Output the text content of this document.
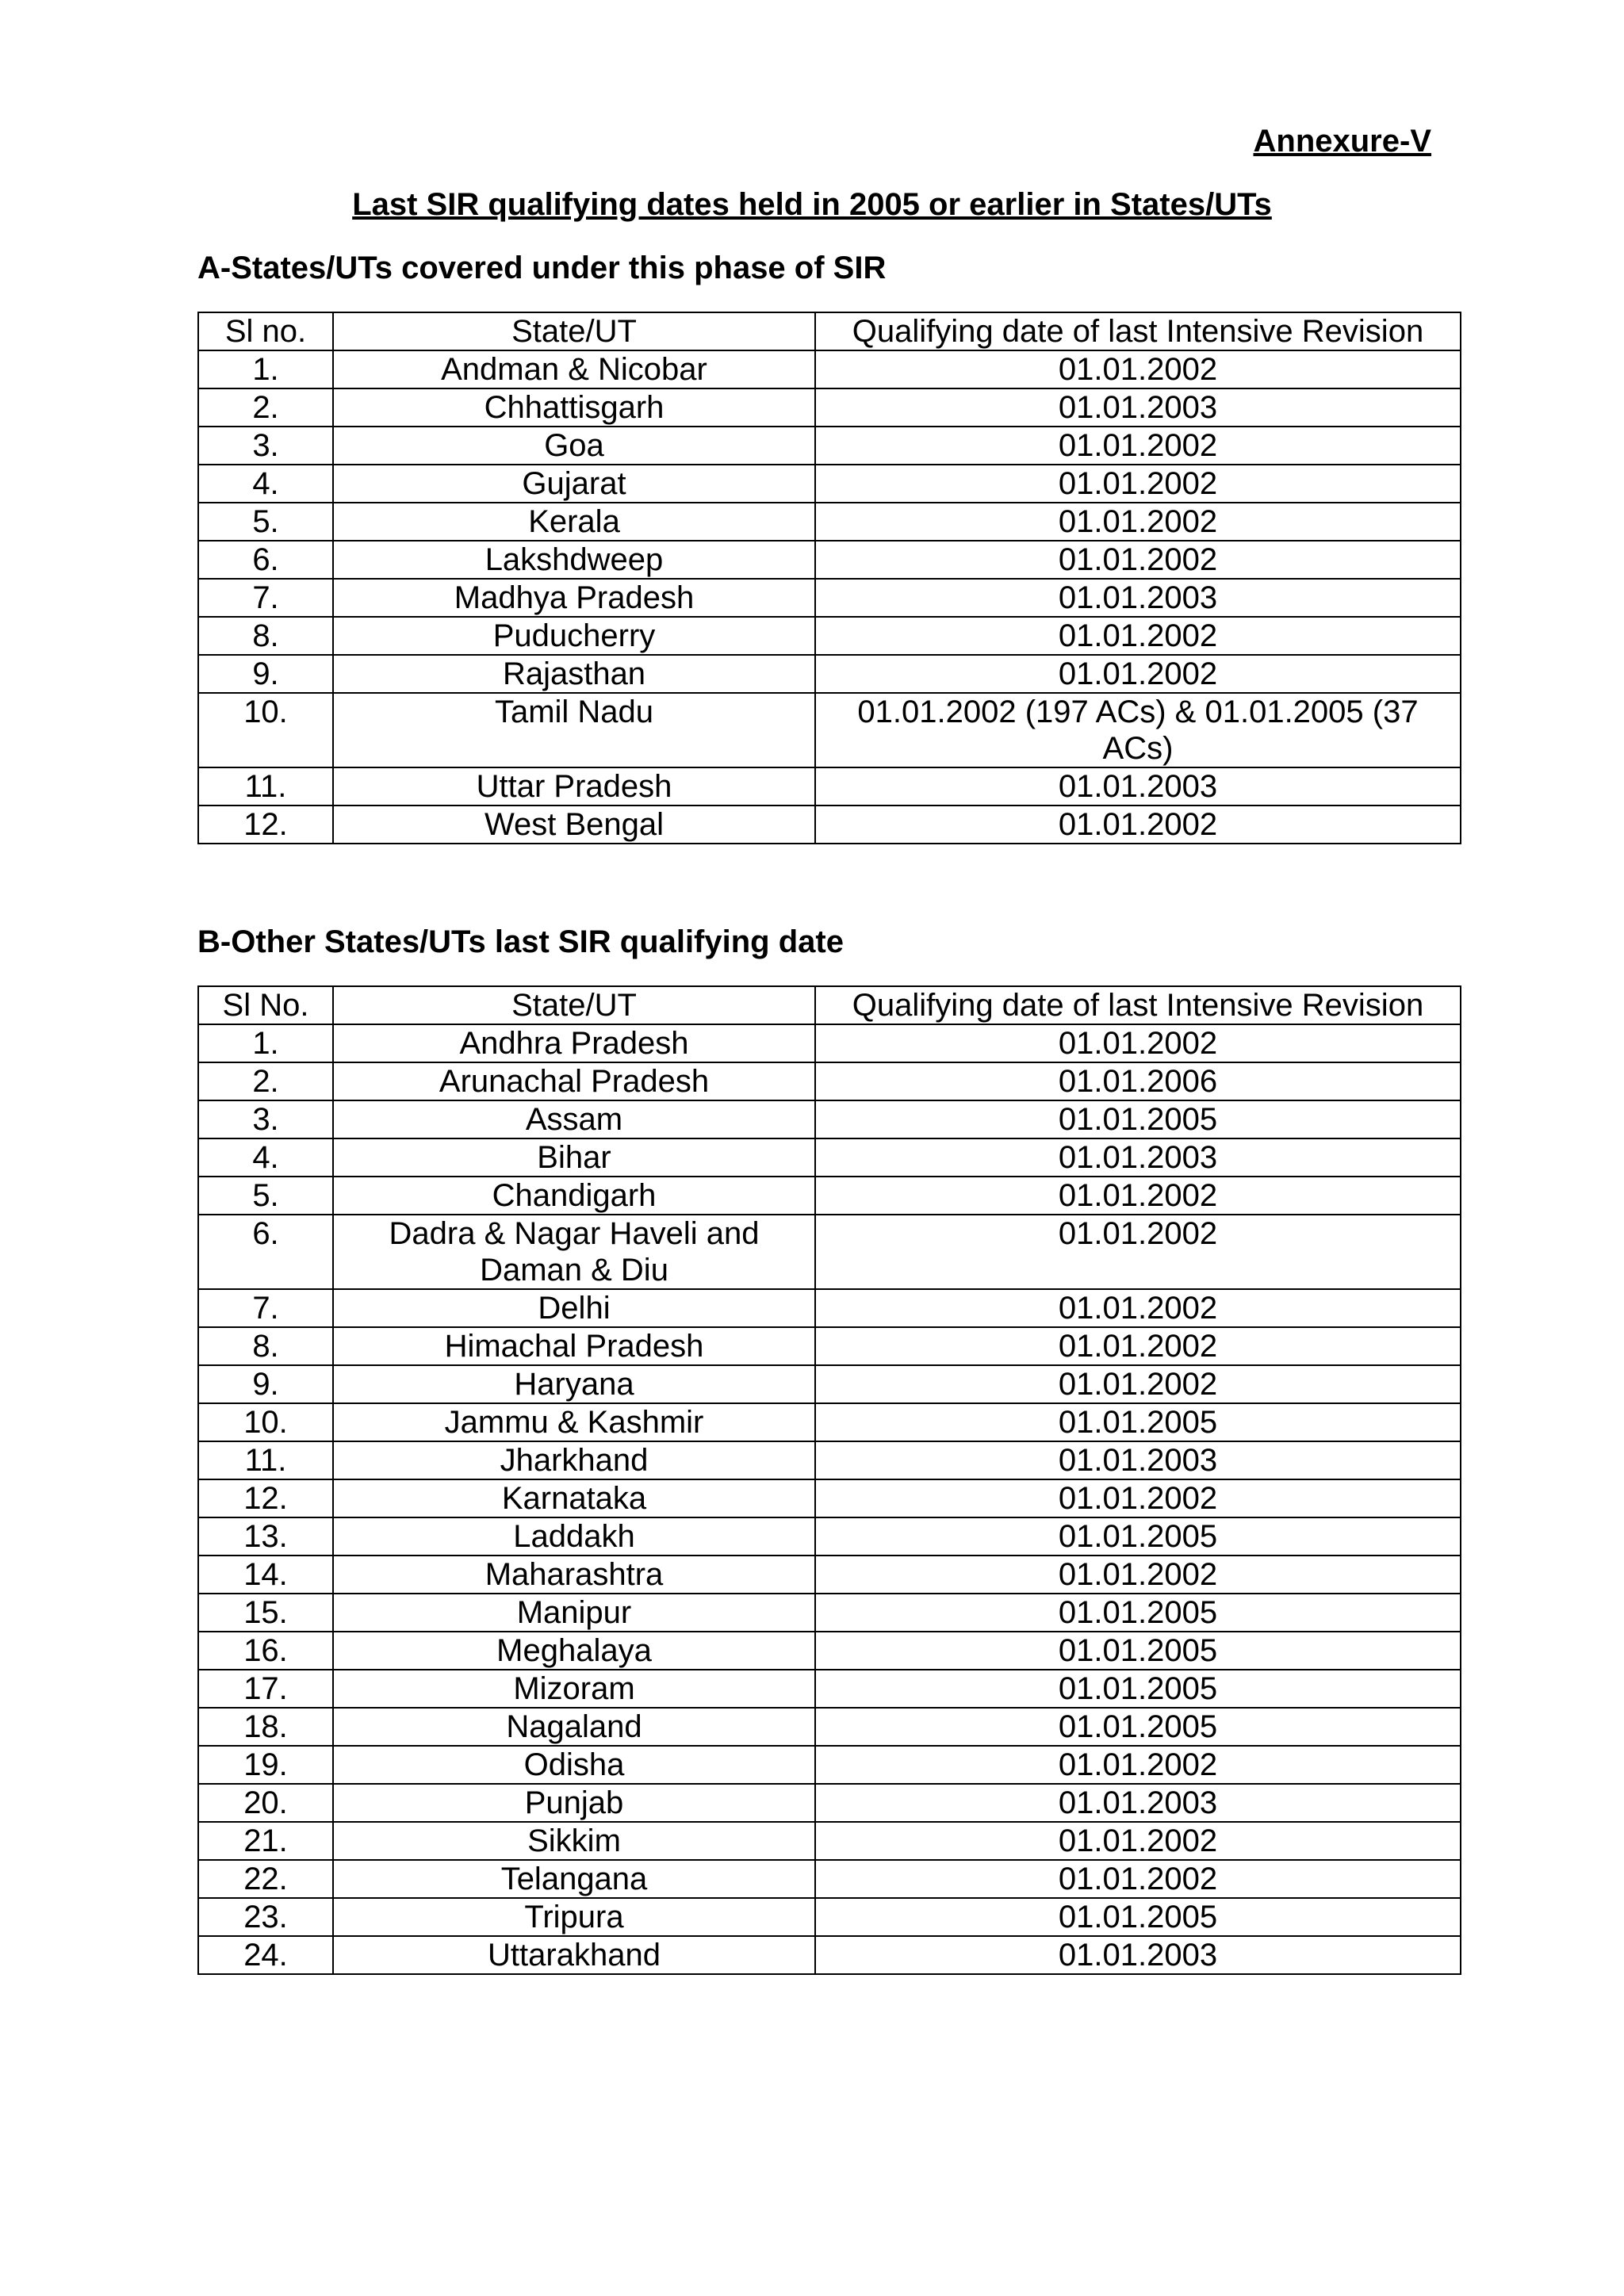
Annexure-V

Last SIR qualifying dates held in 2005 or earlier in States/UTs

A-States/UTs covered under this phase of SIR

Sl no.	State/UT	Qualifying date of last Intensive Revision
1.	Andman & Nicobar	01.01.2002
2.	Chhattisgarh	01.01.2003
3.	Goa	01.01.2002
4.	Gujarat	01.01.2002
5.	Kerala	01.01.2002
6.	Lakshdweep	01.01.2002
7.	Madhya Pradesh	01.01.2003
8.	Puducherry	01.01.2002
9.	Rajasthan	01.01.2002
10.	Tamil Nadu	01.01.2002 (197 ACs) & 01.01.2005 (37 ACs)
11.	Uttar Pradesh	01.01.2003
12.	West Bengal	01.01.2002

B-Other States/UTs last SIR qualifying date

Sl No.	State/UT	Qualifying date of last Intensive Revision
1.	Andhra Pradesh	01.01.2002
2.	Arunachal Pradesh	01.01.2006
3.	Assam	01.01.2005
4.	Bihar	01.01.2003
5.	Chandigarh	01.01.2002
6.	Dadra & Nagar Haveli and Daman & Diu	01.01.2002
7.	Delhi	01.01.2002
8.	Himachal Pradesh	01.01.2002
9.	Haryana	01.01.2002
10.	Jammu & Kashmir	01.01.2005
11.	Jharkhand	01.01.2003
12.	Karnataka	01.01.2002
13.	Laddakh	01.01.2005
14.	Maharashtra	01.01.2002
15.	Manipur	01.01.2005
16.	Meghalaya	01.01.2005
17.	Mizoram	01.01.2005
18.	Nagaland	01.01.2005
19.	Odisha	01.01.2002
20.	Punjab	01.01.2003
21.	Sikkim	01.01.2002
22.	Telangana	01.01.2002
23.	Tripura	01.01.2005
24.	Uttarakhand	01.01.2003
